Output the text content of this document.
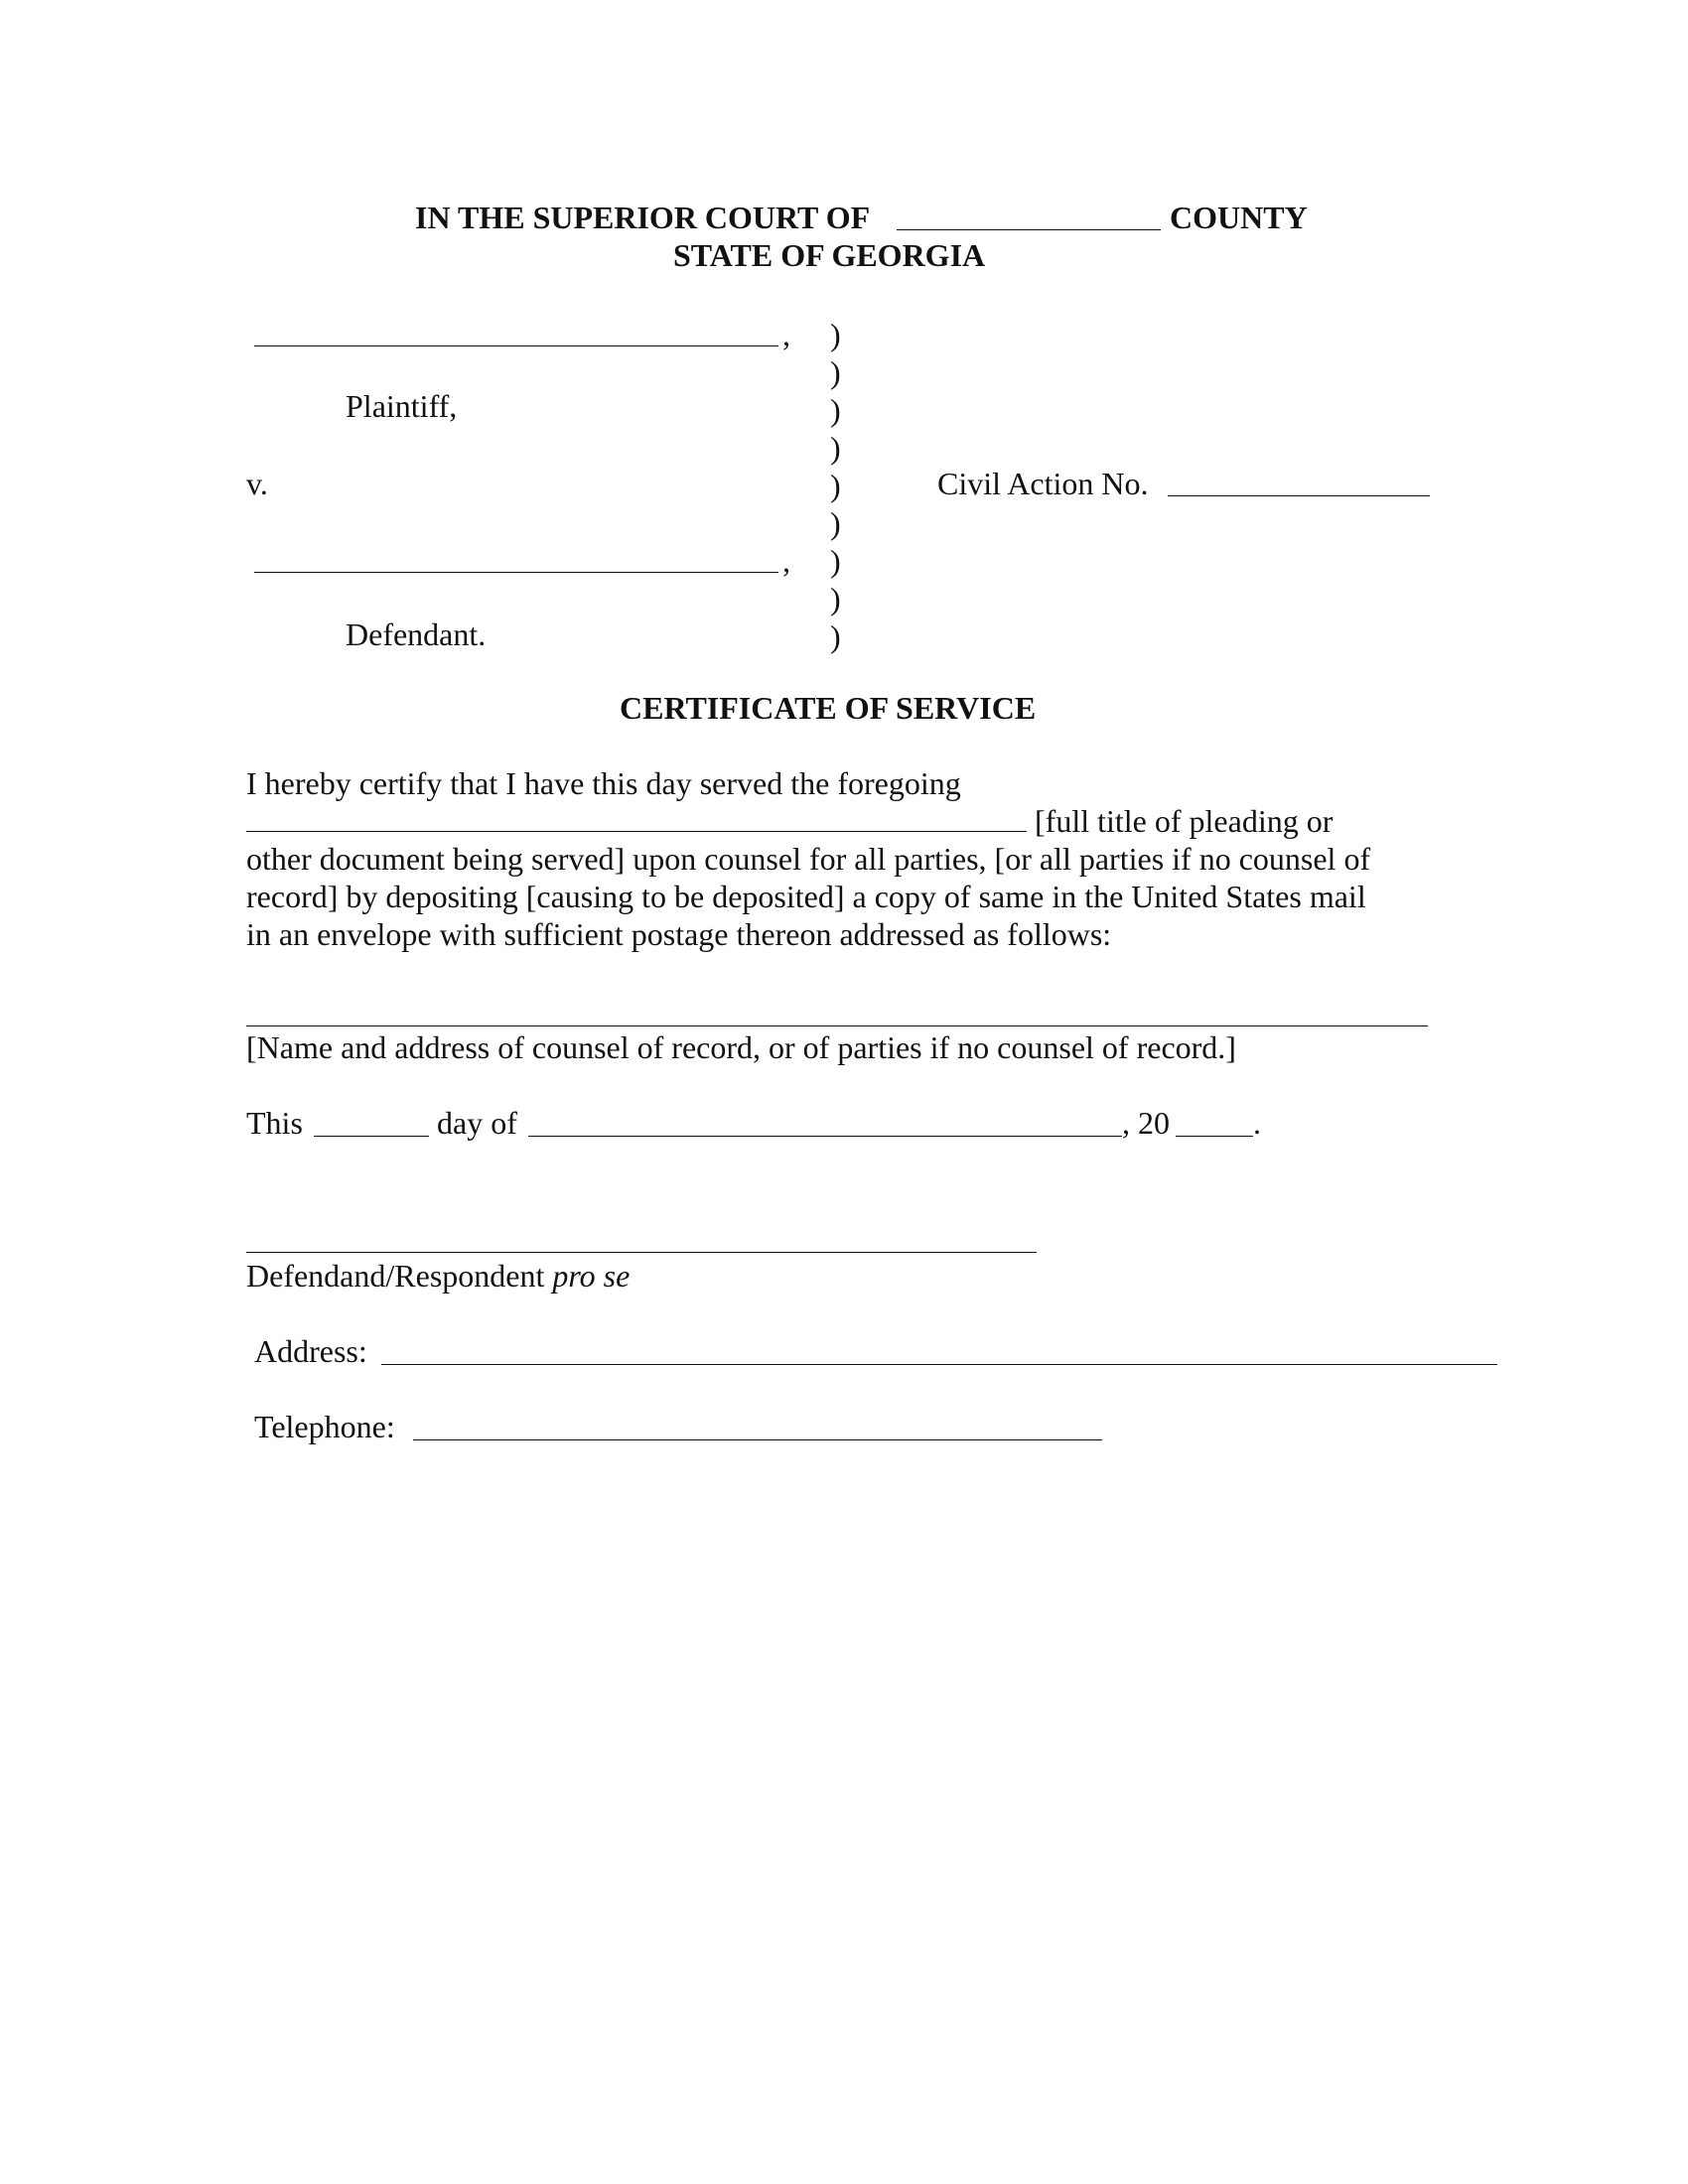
IN THE SUPERIOR COURT OF	COUNTY
STATE OF GEORGIA
,
Plaintiff,
v.
,
Defendant.
)
)
)
)
)
)
)
)
)
Civil Action No.
CERTIFICATE OF SERVICE
I hereby certify that I have this day served the foregoing
[full title of pleading or
other document being served] upon counsel for all parties, [or all parties if no counsel of
record] by depositing [causing to be deposited] a copy of same in the United States mail
in an envelope with sufficient postage thereon addressed as follows:
[Name and address of counsel of record, or of parties if no counsel of record.]
This	day of	, 20	.
Defendand/Respondent pro se
Address:
Telephone:
